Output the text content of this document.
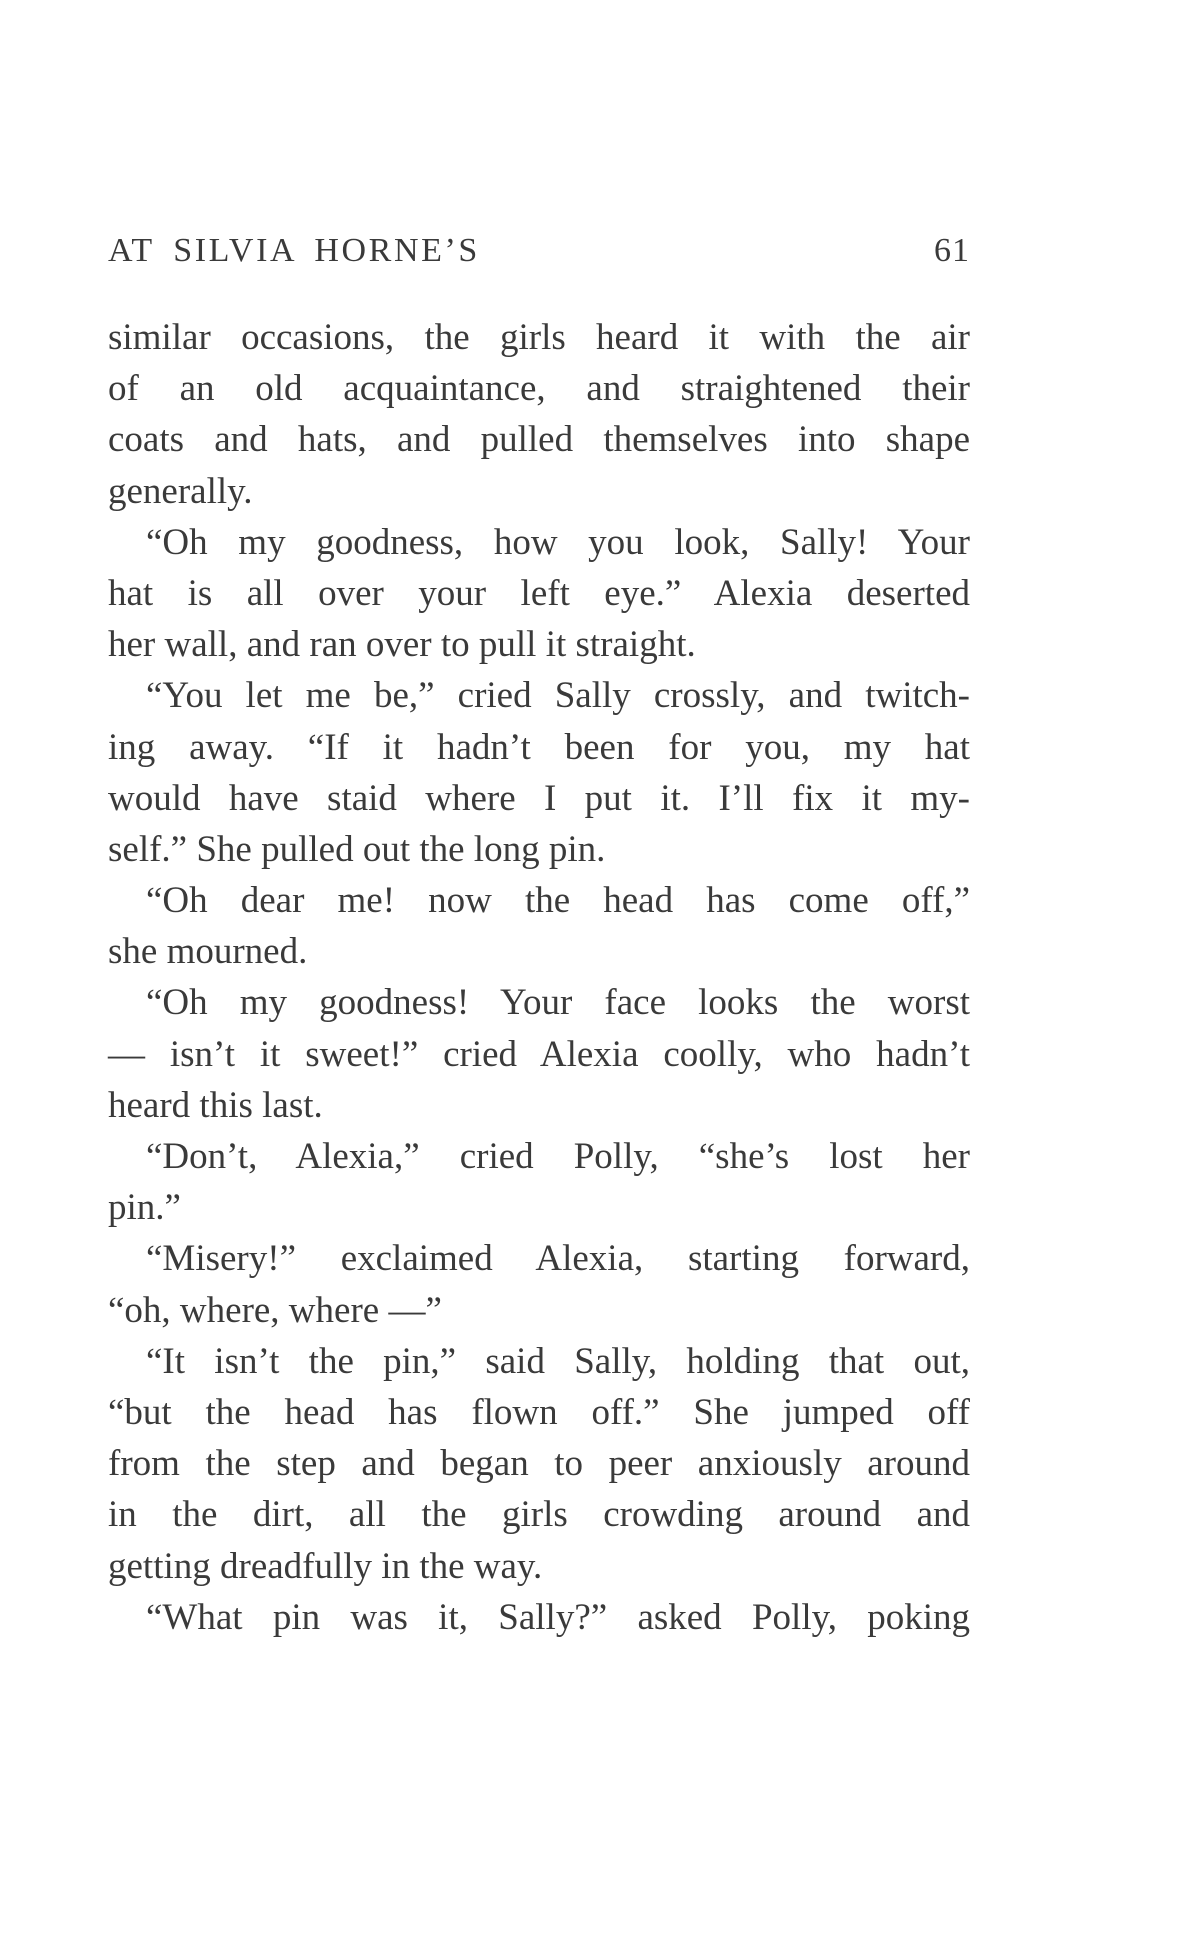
AT SILVIA HORNE’S	61
similar occasions, the girls heard it with the air
of an old acquaintance, and straightened their
coats and hats, and pulled themselves into shape
generally.
“Oh my goodness, how you look, Sally! Your
hat is all over your left eye.” Alexia deserted
her wall, and ran over to pull it straight.
“You let me be,” cried Sally crossly, and twitch-
ing away. “If it hadn’t been for you, my hat
would have staid where I put it. I’ll fix it my-
self.” She pulled out the long pin.
“Oh dear me! now the head has come off,”
she mourned.
“Oh my goodness! Your face looks the worst
— isn’t it sweet!” cried Alexia coolly, who hadn’t
heard this last.
“Don’t, Alexia,” cried Polly, “she’s lost her
pin.”
“Misery!” exclaimed Alexia, starting forward,
“oh, where, where —”
“It isn’t the pin,” said Sally, holding that out,
“but the head has flown off.” She jumped off
from the step and began to peer anxiously around
in the dirt, all the girls crowding around and
getting dreadfully in the way.
“What pin was it, Sally?” asked Polly, poking
